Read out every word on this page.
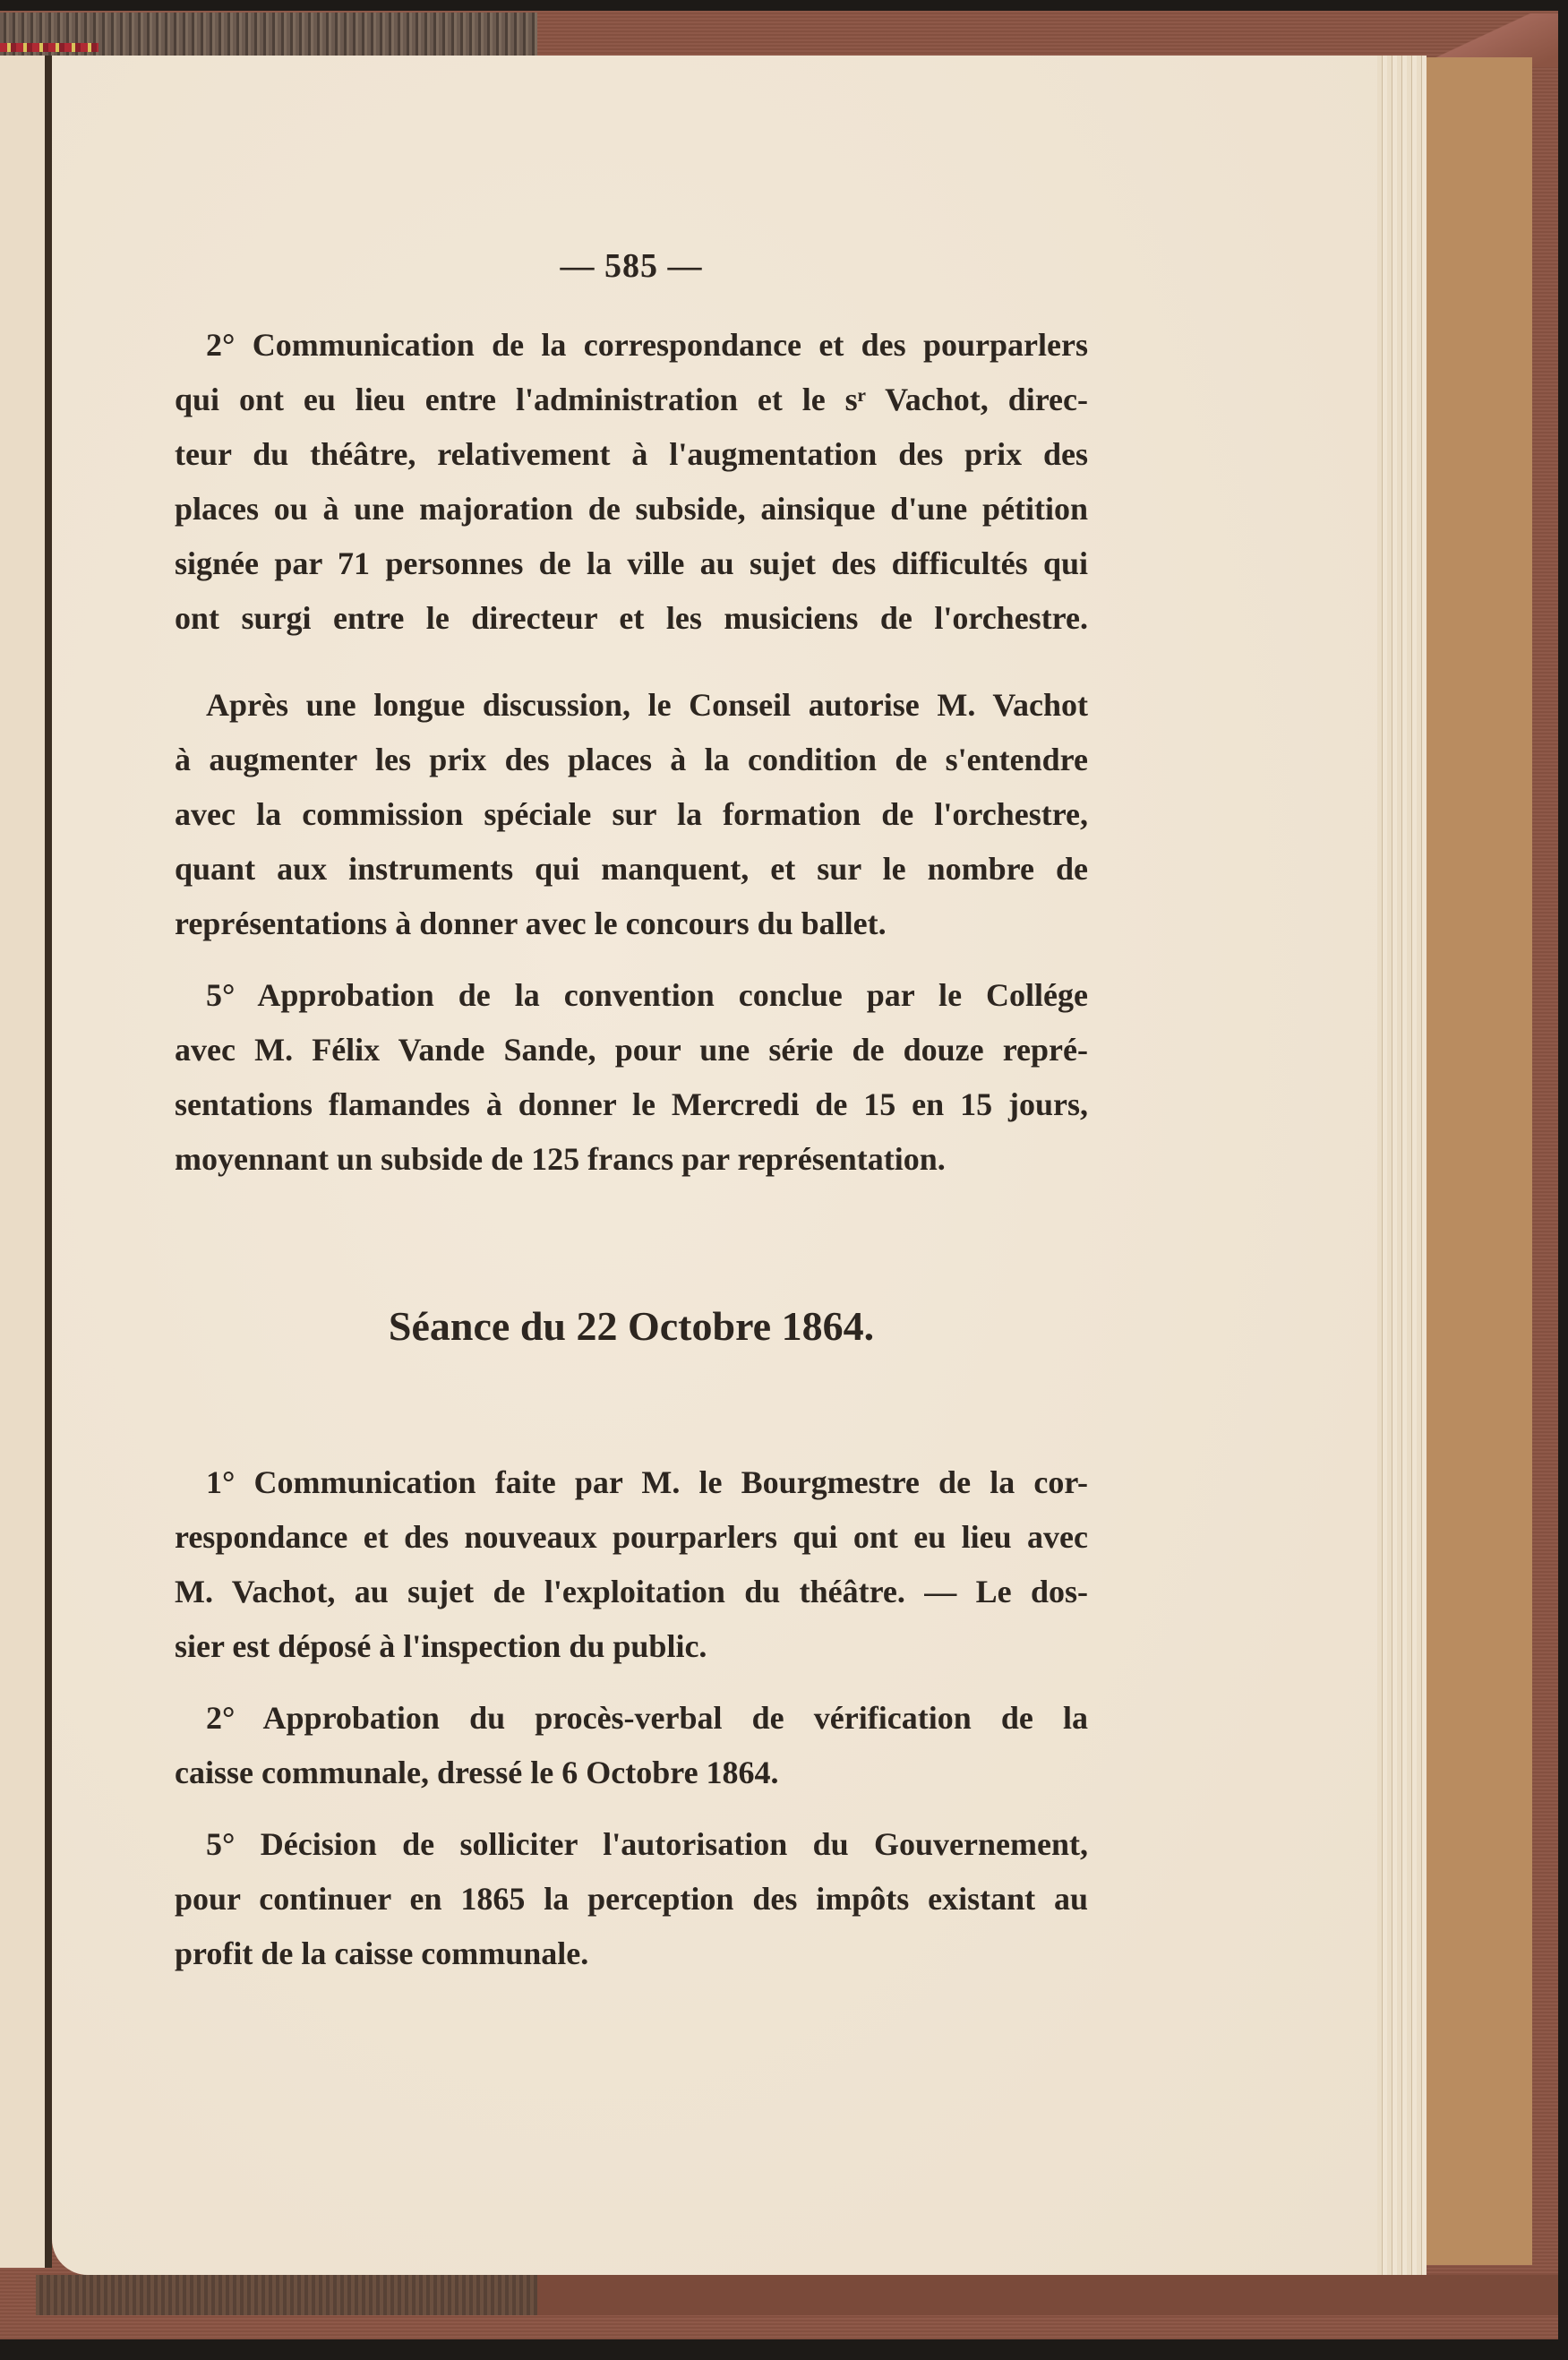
— 585 —
2° Communication de la correspondance et des pourparlers
qui ont eu lieu entre l'administration et le sʳ Vachot, direc-
teur du théâtre, relativement à l'augmentation des prix des
places ou à une majoration de subside, ainsique d'une pétition
signée par 71 personnes de la ville au sujet des difficultés qui
ont surgi entre le directeur et les musiciens de l'orchestre.
Après une longue discussion, le Conseil autorise M. Vachot
à augmenter les prix des places à la condition de s'entendre
avec la commission spéciale sur la formation de l'orchestre,
quant aux instruments qui manquent, et sur le nombre de
représentations à donner avec le concours du ballet.
5° Approbation de la convention conclue par le Collége
avec M. Félix Vande Sande, pour une série de douze repré-
sentations flamandes à donner le Mercredi de 15 en 15 jours,
moyennant un subside de 125 francs par représentation.
Séance du 22 Octobre 1864.
1° Communication faite par M. le Bourgmestre de la cor-
respondance et des nouveaux pourparlers qui ont eu lieu avec
M. Vachot, au sujet de l'exploitation du théâtre. — Le dos-
sier est déposé à l'inspection du public.
2° Approbation du procès-verbal de vérification de la
caisse communale, dressé le 6 Octobre 1864.
5° Décision de solliciter l'autorisation du Gouvernement,
pour continuer en 1865 la perception des impôts existant au
profit de la caisse communale.
